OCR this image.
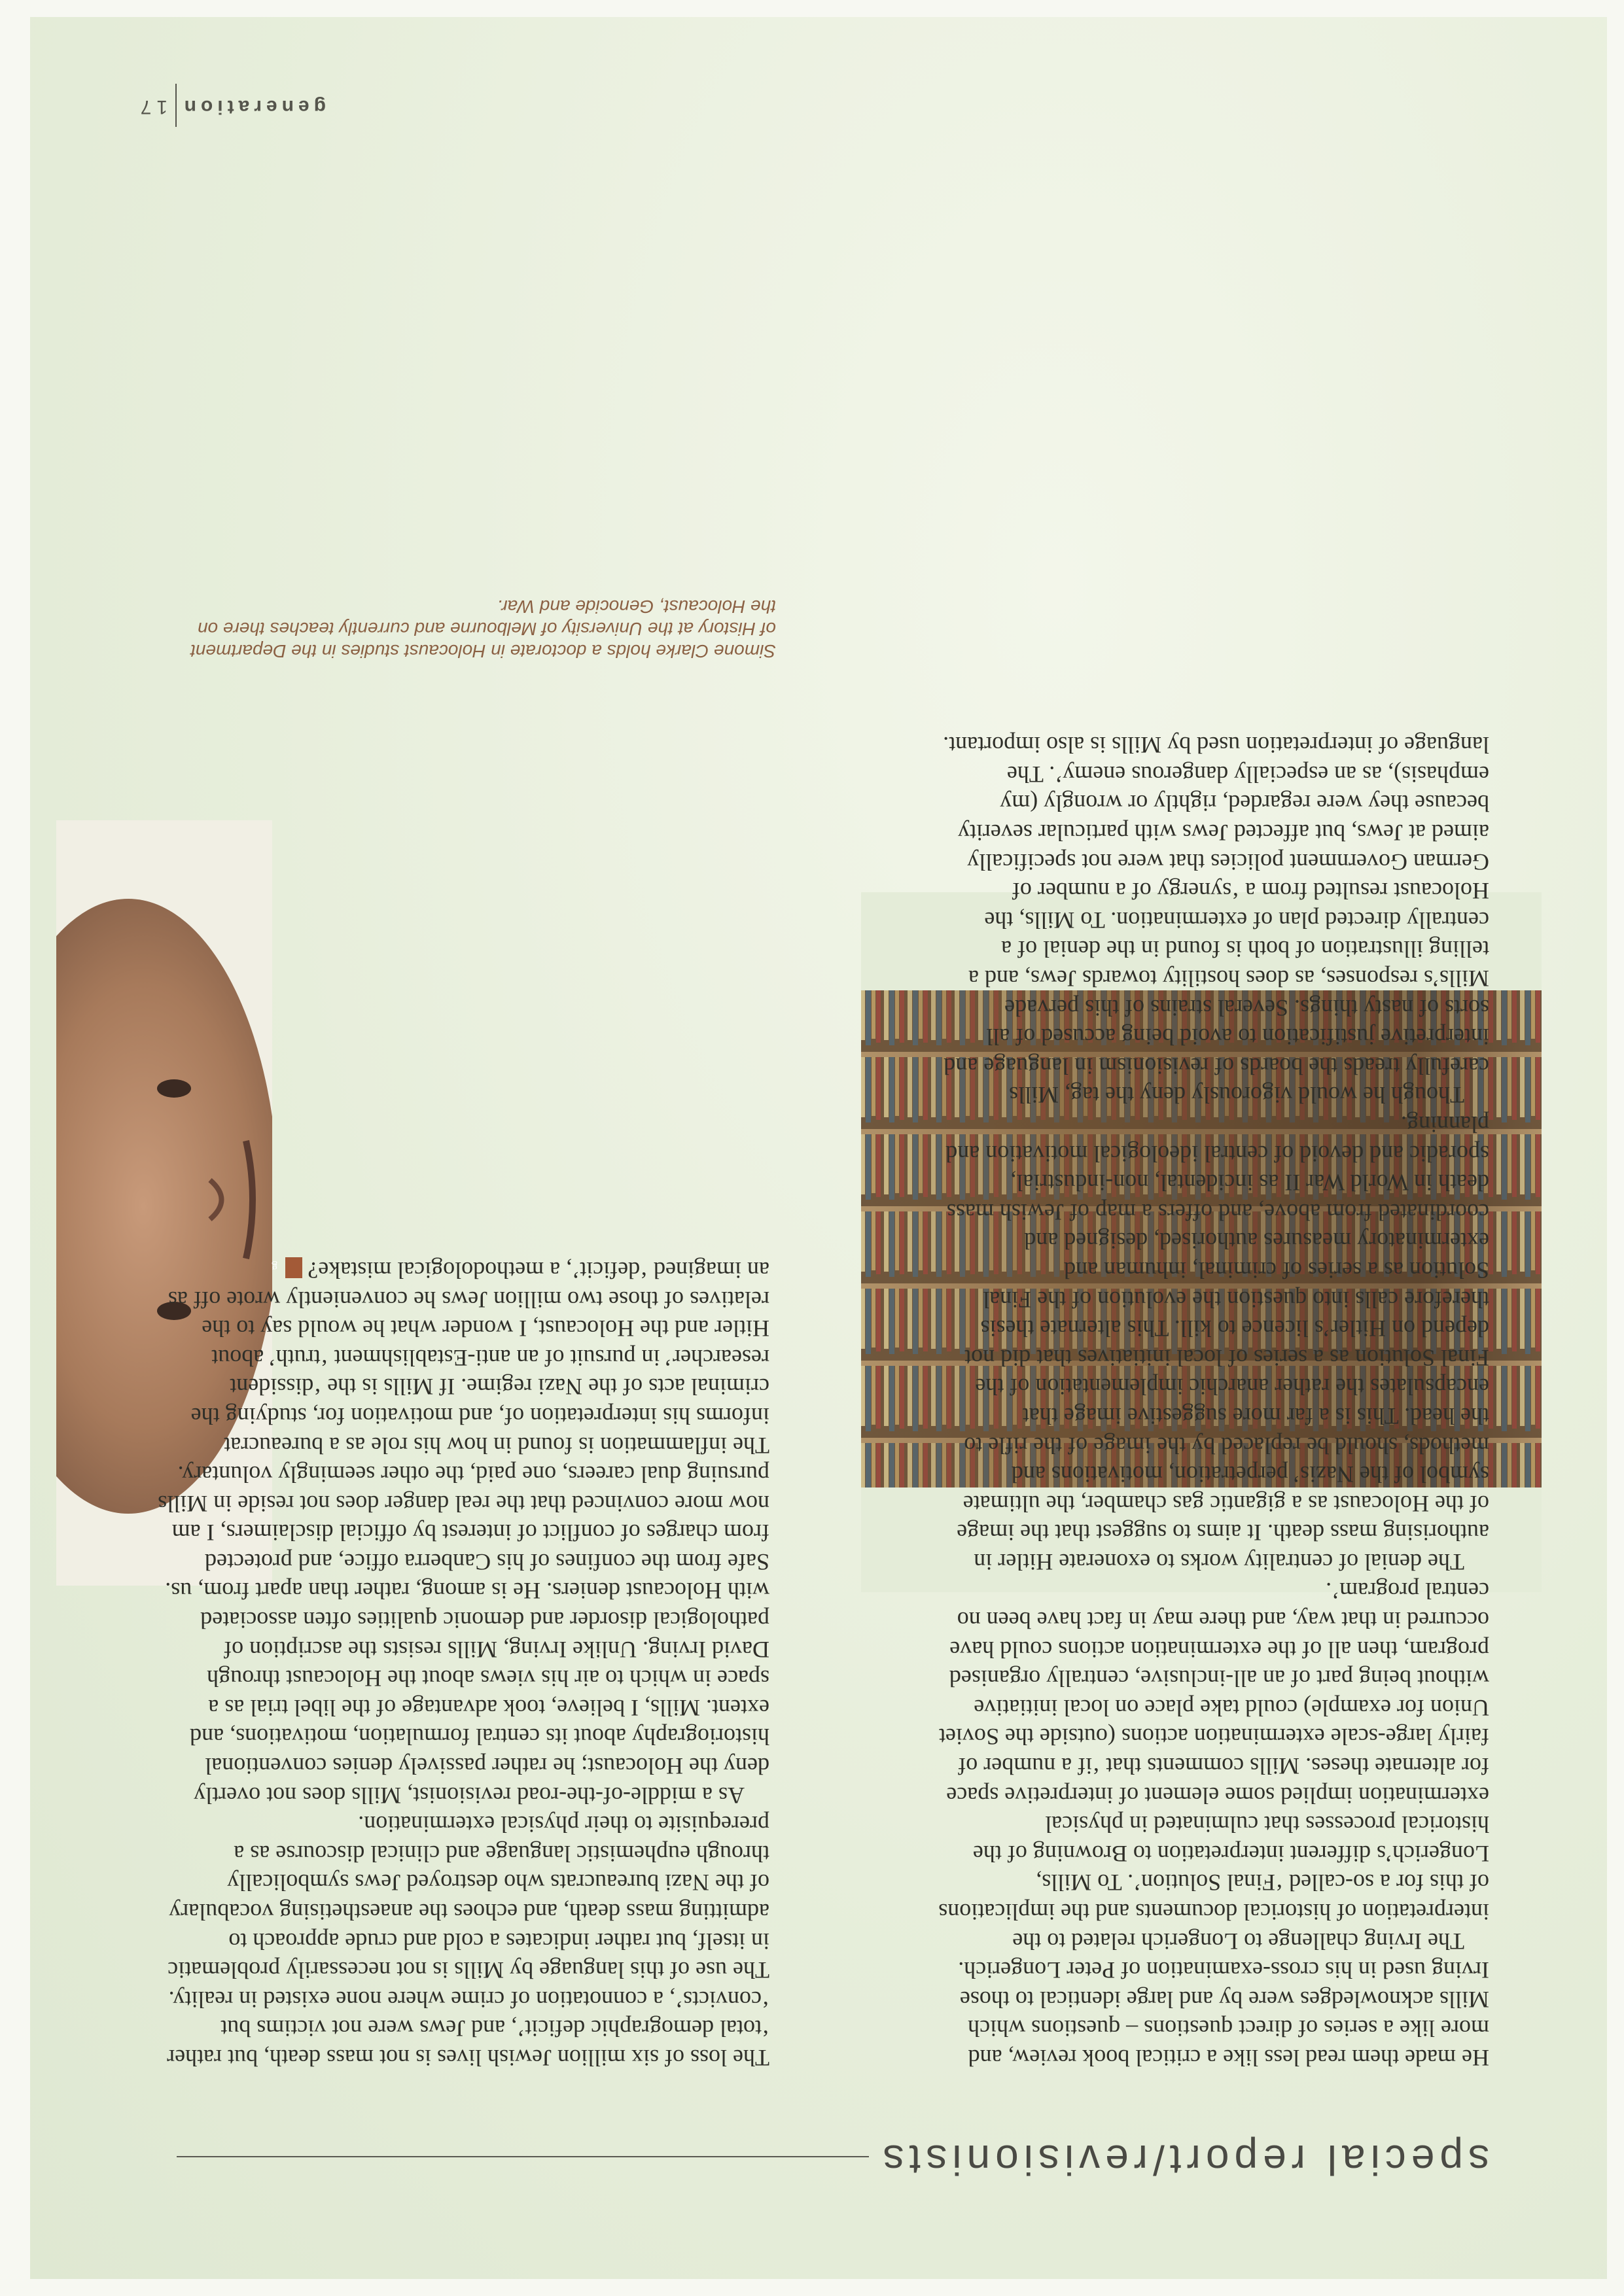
special report/revisionists

He made them read less like a critical book review, and more like a series of direct questions – questions which Mills acknowledges were by and large identical to those Irving used in his cross-examination of Peter Longerich.

The Irving challenge to Longerich related to the interpretation of historical documents and the implications of this for a so-called ‘Final Solution’. To Mills, Longerich’s different interpretation to Browning of the historical processes that culminated in physical extermination implied some element of interpretive space for alternate theses. Mills comments that ‘if a number of fairly large-scale extermination actions (outside the Soviet Union for example) could take place on local initiative without being part of an all-inclusive, centrally organised program, then all of the extermination actions could have occurred in that way, and there may in fact have been no central program’.

The denial of centrality works to exonerate Hitler in authorising mass death. It aims to suggest that the image of the Holocaust as a gigantic gas chamber, the ultimate symbol of the Nazis’ perpetration, motivations and methods, should be replaced by the image of the rifle to the head. This is a far more suggestive image that encapsulates the rather anarchic implementation of the Final Solution as a series of local initiatives that did not depend on Hitler’s licence to kill. This alternate thesis therefore calls into question the evolution of the Final Solution as a series of criminal, inhuman and exterminatory measures authorised, designed and coordinated from above, and offers a map of Jewish mass death in World War II as incidental, non-industrial, sporadic and devoid of central ideological motivation and planning.

Though he would vigorously deny the tag, Mills carefully treads the boards of revisionism in language and interpretive justification to avoid being accused of all sorts of nasty things. Several strains of this pervade Mills’s responses, as does hostility towards Jews, and a telling illustration of both is found in the denial of a centrally directed plan of extermination. To Mills, the Holocaust resulted from a ‘synergy of a number of German Government policies that were not specifically aimed at Jews, but affected Jews with particular severity because they were regarded, rightly or wrongly (my emphasis), as an especially dangerous enemy’. The language of interpretation used by Mills is also important.

The loss of six million Jewish lives is not mass death, but rather ‘total demographic deficit’, and Jews were not victims but ‘convicts’, a connotation of crime where none existed in reality. The use of this language by Mills is not necessarily problematic in itself, but rather indicates a cold and crude approach to admitting mass death, and echoes the anaesthetising vocabulary of the Nazi bureaucrats who destroyed Jews symbolically through euphemistic language and clinical discourse as a prerequisite to their physical extermination.

As a middle-of-the-road revisionist, Mills does not overtly deny the Holocaust; he rather passively denies conventional historiography about its central formulation, motivations, and extent. Mills, I believe, took advantage of the libel trial as a space in which to air his views about the Holocaust through David Irving. Unlike Irving, Mills resists the ascription of pathological disorder and demonic qualities often associated with Holocaust deniers. He is among, rather than apart from, us. Safe from the confines of his Canberra office, and protected from charges of conflict of interest by official disclaimers, I am now more convinced that the real danger does not reside in Mills pursuing dual careers, one paid, the other seemingly voluntary. The inflammation is found in how his role as a bureaucrat informs his interpretation of, and motivation for, studying the criminal acts of the Nazi regime. If Mills is the ‘dissident researcher’ in pursuit of an anti-Establishment ‘truth’ about Hitler and the Holocaust, I wonder what he would say to the relatives of those two million Jews he conveniently wrote off as an imagined ‘deficit’, a methodological mistake?g

Simone Clarke holds a doctorate in Holocaust studies in the Department of History at the University of Melbourne and currently teaches there on the Holocaust, Genocide and War.
generation
17
